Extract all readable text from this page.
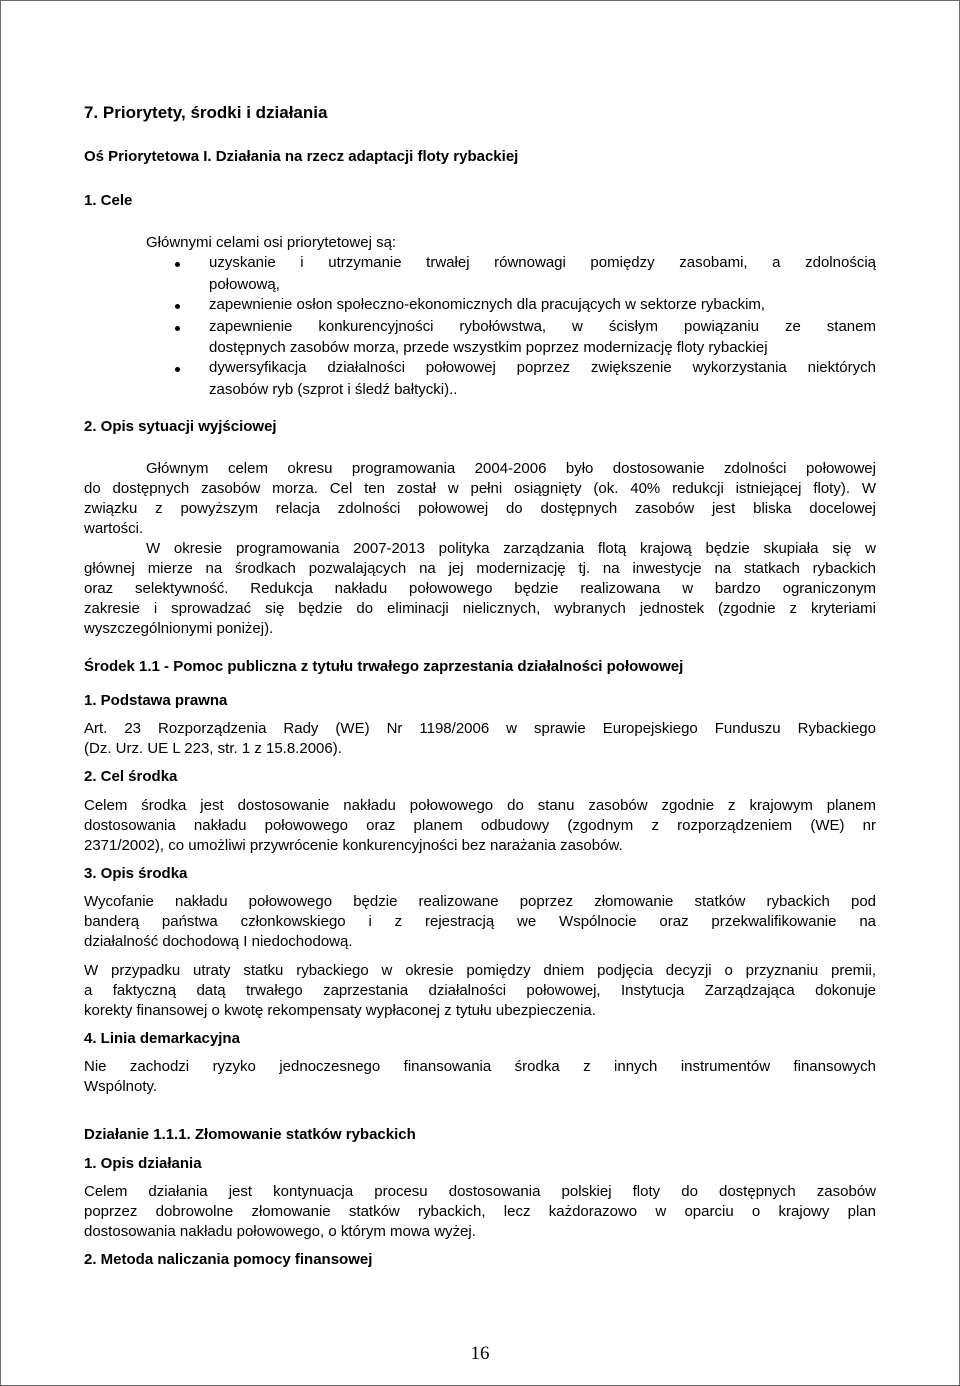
7. Priorytety, środki i działania
Oś Priorytetowa I. Działania na rzecz adaptacji floty rybackiej
1. Cele
Głównymi celami osi priorytetowej są:
uzyskanie i utrzymanie trwałej równowagi pomiędzy zasobami, a zdolnością
połowową,
zapewnienie osłon społeczno-ekonomicznych dla pracujących w sektorze rybackim,
zapewnienie konkurencyjności rybołówstwa, w ścisłym powiązaniu ze stanem
dostępnych zasobów morza, przede wszystkim poprzez modernizację floty rybackiej
dywersyfikacja działalności połowowej poprzez zwiększenie wykorzystania niektórych
zasobów ryb (szprot i śledź bałtycki)..
2. Opis sytuacji wyjściowej
Głównym celem okresu programowania 2004-2006 było dostosowanie zdolności połowowej
do dostępnych zasobów morza. Cel ten został w pełni osiągnięty (ok. 40% redukcji istniejącej floty). W
związku z powyższym relacja zdolności połowowej do dostępnych zasobów jest bliska docelowej
wartości.
W okresie programowania 2007-2013 polityka zarządzania flotą krajową będzie skupiała się w
głównej mierze na środkach pozwalających na jej modernizację tj. na inwestycje na statkach rybackich
oraz selektywność. Redukcja nakładu połowowego będzie realizowana w bardzo ograniczonym
zakresie i sprowadzać się będzie do eliminacji nielicznych, wybranych jednostek (zgodnie z kryteriami
wyszczególnionymi poniżej).
Środek 1.1 - Pomoc publiczna z tytułu trwałego zaprzestania działalności połowowej
1. Podstawa prawna
Art. 23 Rozporządzenia Rady (WE) Nr 1198/2006 w sprawie Europejskiego Funduszu Rybackiego
(Dz. Urz. UE L 223, str. 1 z 15.8.2006).
2. Cel środka
Celem środka jest dostosowanie nakładu połowowego do stanu zasobów zgodnie z krajowym planem
dostosowania nakładu połowowego oraz planem odbudowy (zgodnym z rozporządzeniem (WE) nr
2371/2002), co umożliwi przywrócenie konkurencyjności bez narażania zasobów.
3. Opis środka
Wycofanie nakładu połowowego będzie realizowane poprzez złomowanie statków rybackich pod
banderą państwa członkowskiego i z rejestracją we Wspólnocie oraz przekwalifikowanie na
działalność dochodową I niedochodową.
W przypadku utraty statku rybackiego w okresie pomiędzy dniem podjęcia decyzji o przyznaniu premii,
a faktyczną datą trwałego zaprzestania działalności połowowej, Instytucja Zarządzająca dokonuje
korekty finansowej o kwotę rekompensaty wypłaconej z tytułu ubezpieczenia.
4. Linia demarkacyjna
Nie zachodzi ryzyko jednoczesnego finansowania środka z innych instrumentów finansowych
Wspólnoty.
Działanie 1.1.1. Złomowanie statków rybackich
1. Opis działania
Celem działania jest kontynuacja procesu dostosowania polskiej floty do dostępnych zasobów
poprzez dobrowolne złomowanie statków rybackich, lecz każdorazowo w oparciu o krajowy plan
dostosowania nakładu połowowego, o którym mowa wyżej.
2. Metoda naliczania pomocy finansowej
16
